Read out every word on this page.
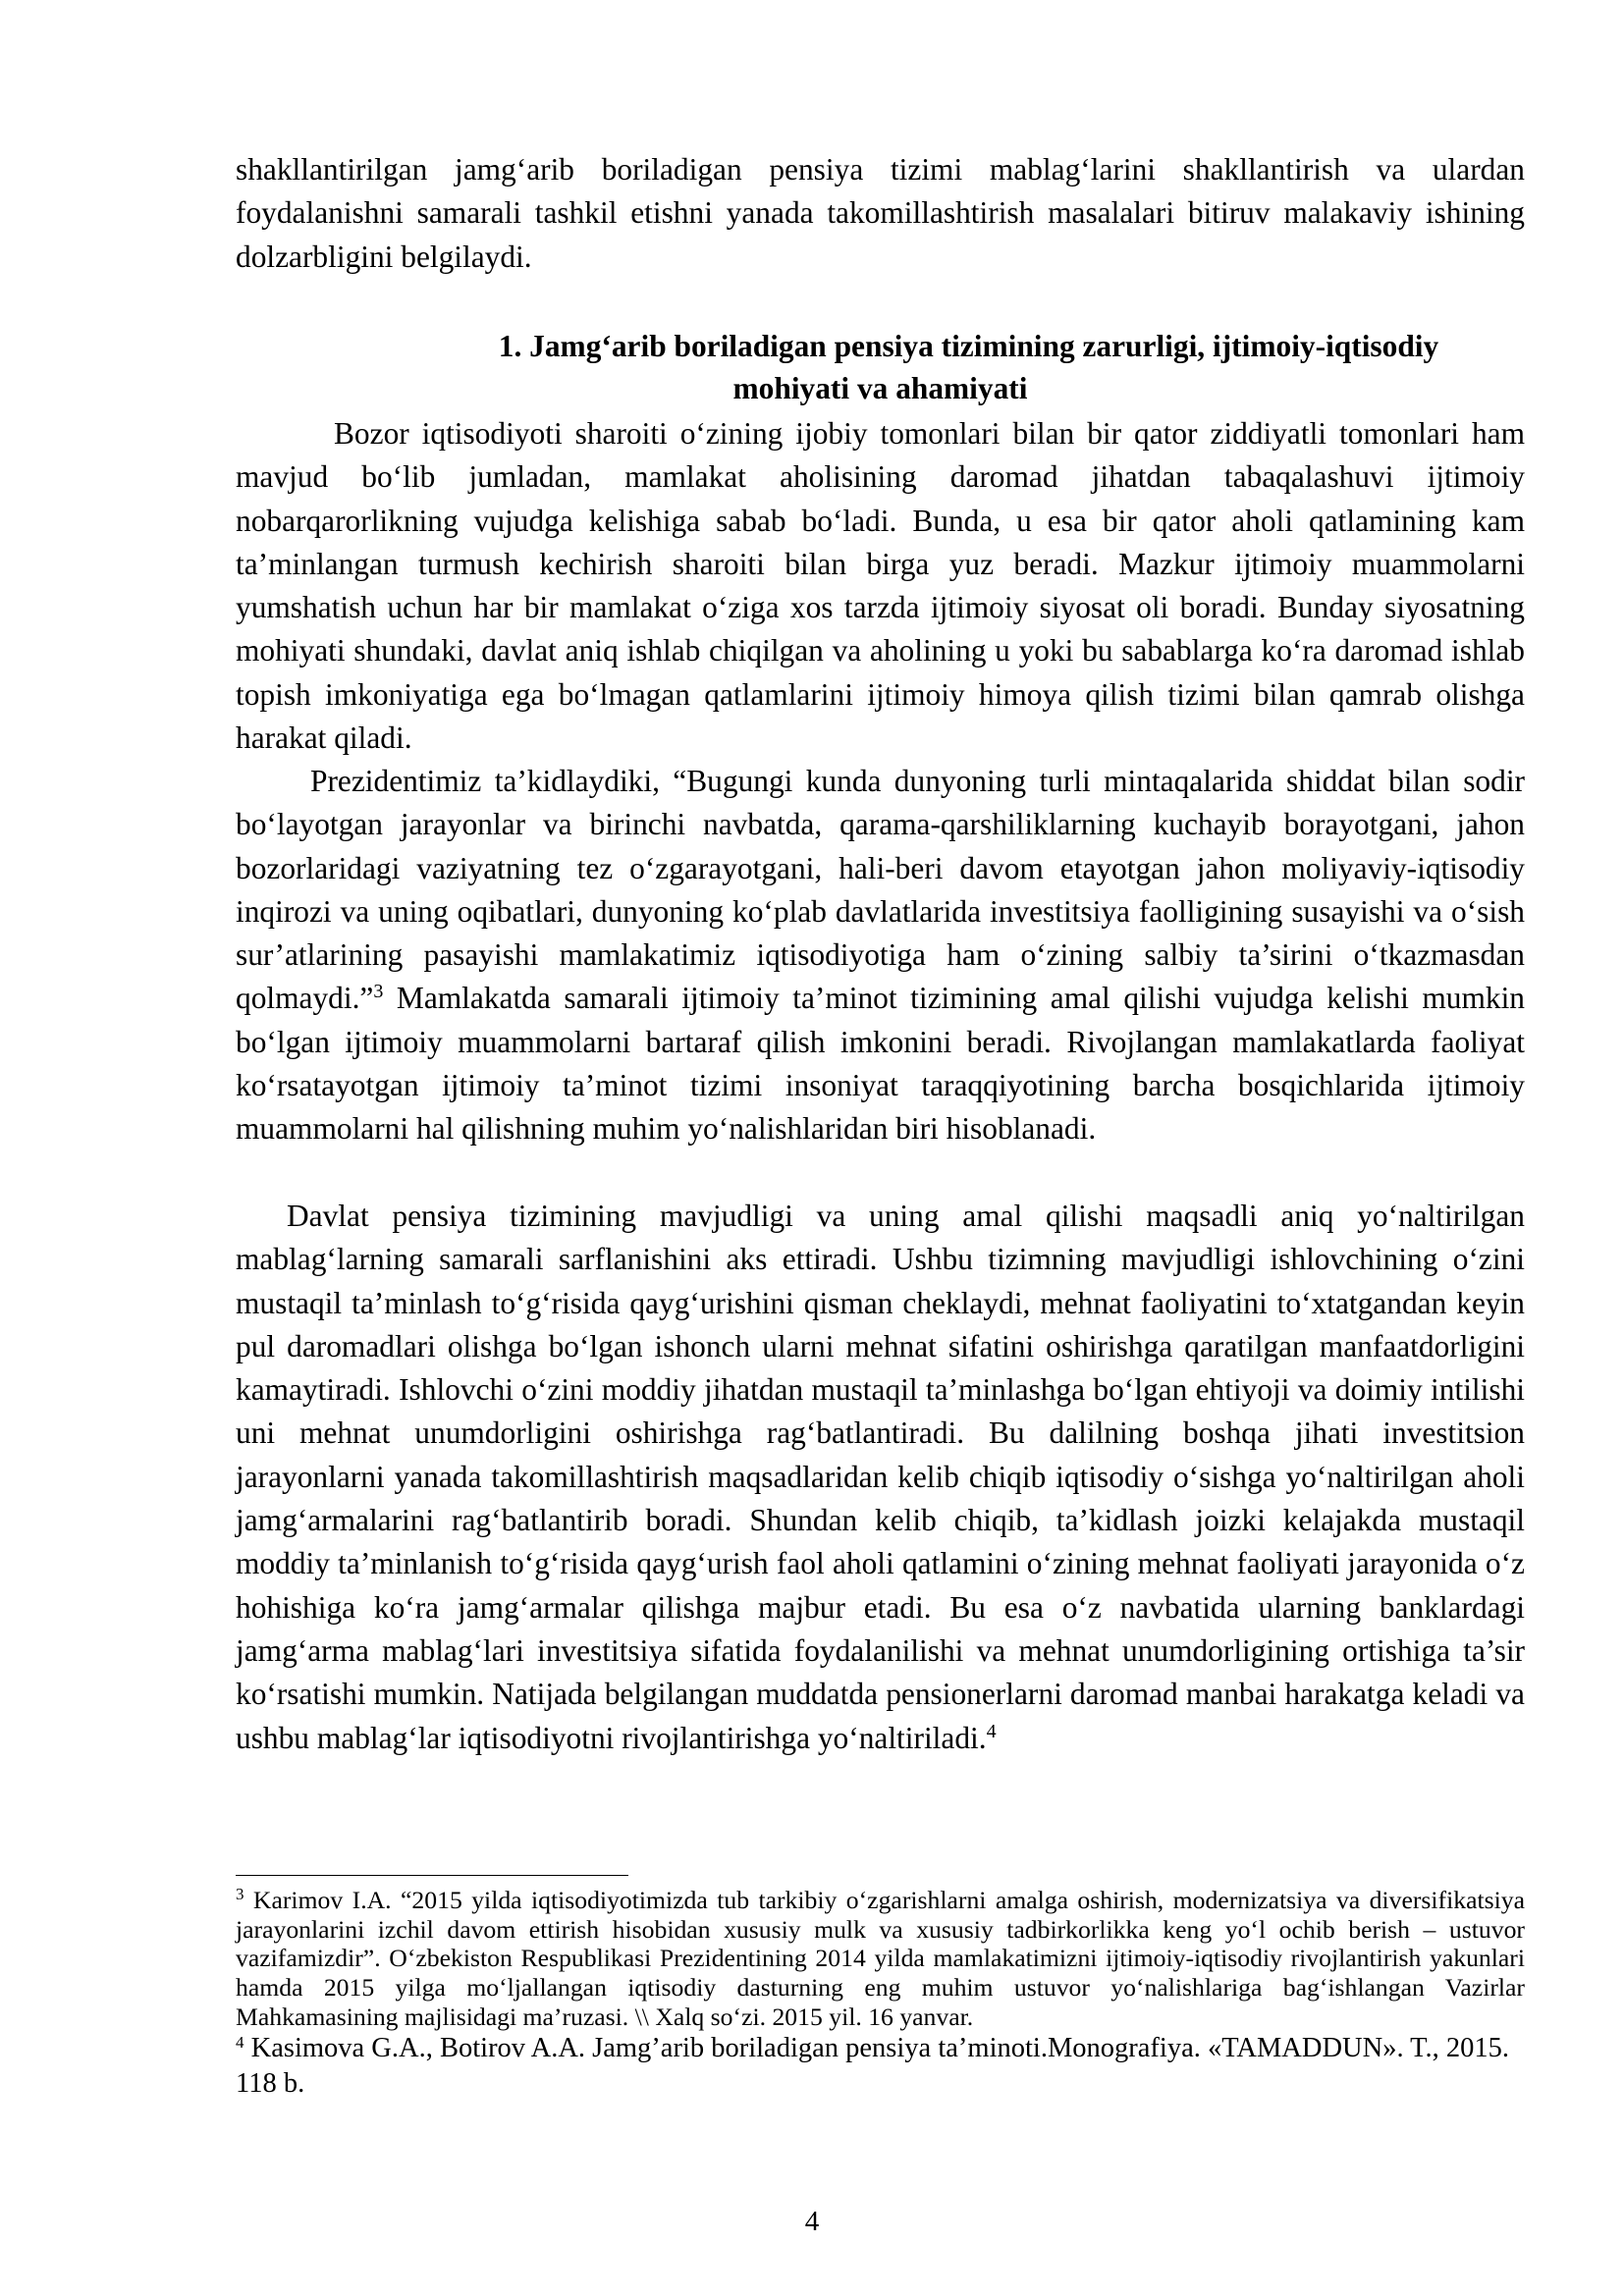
shakllantirilgan jamg‘arib boriladigan pensiya tizimi mablag‘larini shakllantirish va ulardan foydalanishni samarali tashkil etishni yanada takomillashtirish masalalari bitiruv malakaviy ishining dolzarbligini belgilaydi.

1. Jamg‘arib boriladigan pensiya tizimining zarurligi, ijtimoiy-iqtisodiy
mohiyati va ahamiyati

Bozor iqtisodiyoti sharoiti o‘zining ijobiy tomonlari bilan bir qator ziddiyatli tomonlari ham mavjud bo‘lib jumladan, mamlakat aholisining daromad jihatdan tabaqalashuvi ijtimoiy nobarqarorlikning vujudga kelishiga sabab bo‘ladi. Bunda, u esa bir qator aholi qatlamining kam ta’minlangan turmush kechirish sharoiti bilan birga yuz beradi. Mazkur ijtimoiy muammolarni yumshatish uchun har bir mamlakat o‘ziga xos tarzda ijtimoiy siyosat oli boradi. Bunday siyosatning mohiyati shundaki, davlat aniq ishlab chiqilgan va aholining u yoki bu sabablarga ko‘ra daromad ishlab topish imkoniyatiga ega bo‘lmagan qatlamlarini ijtimoiy himoya qilish tizimi bilan qamrab olishga harakat qiladi.

Prezidentimiz ta’kidlaydiki, “Bugungi kunda dunyoning turli mintaqalarida shiddat bilan sodir bo‘layotgan jarayonlar va birinchi navbatda, qarama-qarshiliklarning kuchayib borayotgani, jahon bozorlaridagi vaziyatning tez o‘zgarayotgani, hali-beri davom etayotgan jahon moliyaviy-iqtisodiy inqirozi va uning oqibatlari, dunyoning ko‘plab davlatlarida investitsiya faolligining susayishi va o‘sish sur’atlarining pasayishi mamlakatimiz iqtisodiyotiga ham o‘zining salbiy ta’sirini o‘tkazmasdan qolmaydi.”$^3$ Mamlakatda samarali ijtimoiy ta’minot tizimining amal qilishi vujudga kelishi mumkin bo‘lgan ijtimoiy muammolarni bartaraf qilish imkonini beradi. Rivojlangan mamlakatlarda faoliyat ko‘rsatayotgan ijtimoiy ta’minot tizimi insoniyat taraqqiyotining barcha bosqichlarida ijtimoiy muammolarni hal qilishning muhim yo‘nalishlaridan biri hisoblanadi.

Davlat pensiya tizimining mavjudligi va uning amal qilishi maqsadli aniq yo‘naltirilgan mablag‘larning samarali sarflanishini aks ettiradi. Ushbu tizimning mavjudligi ishlovchining o‘zini mustaqil ta’minlash to‘g‘risida qayg‘urishini qisman cheklaydi, mehnat faoliyatini to‘xtatgandan keyin pul daromadlari olishga bo‘lgan ishonch ularni mehnat sifatini oshirishga qaratilgan manfaatdorligini kamaytiradi. Ishlovchi o‘zini moddiy jihatdan mustaqil ta’minlashga bo‘lgan ehtiyoji va doimiy intilishi uni mehnat unumdorligini oshirishga rag‘batlantiradi. Bu dalilning boshqa jihati investitsion jarayonlarni yanada takomillashtirish maqsadlaridan kelib chiqib iqtisodiy o‘sishga yo‘naltirilgan aholi jamg‘armalarini rag‘batlantirib boradi. Shundan kelib chiqib, ta’kidlash joizki kelajakda mustaqil moddiy ta’minlanish to‘g‘risida qayg‘urish faol aholi qatlamini o‘zining mehnat faoliyati jarayonida o‘z hohishiga ko‘ra jamg‘armalar qilishga majbur etadi. Bu esa o‘z navbatida ularning banklardagi jamg‘arma mablag‘lari investitsiya sifatida foydalanilishi va mehnat unumdorligining ortishiga ta’sir ko‘rsatishi mumkin. Natijada belgilangan muddatda pensionerlarni daromad manbai harakatga keladi va ushbu mablag‘lar iqtisodiyotni rivojlantirishga yo‘naltiriladi.$^4$

$^3$ Karimov I.A. “2015 yilda iqtisodiyotimizda tub tarkibiy o‘zgarishlarni amalga oshirish, modernizatsiya va diversifikatsiya jarayonlarini izchil davom ettirish hisobidan xususiy mulk va xususiy tadbirkorlikka keng yo‘l ochib berish – ustuvor vazifamizdir”. O‘zbekiston Respublikasi Prezidentining 2014 yilda mamlakatimizni ijtimoiy-iqtisodiy rivojlantirish yakunlari hamda 2015 yilga mo‘ljallangan iqtisodiy dasturning eng muhim ustuvor yo‘nalishlariga bag‘ishlangan Vazirlar Mahkamasining majlisidagi ma’ruzasi. \\ Xalq so‘zi. 2015 yil. 16 yanvar.

$^4$ Kasimova G.A., Botirov A.A. Jamg’arib boriladigan pensiya ta’minoti.Monografiya. «TAMADDUN». T., 2015. 118 b.

4
